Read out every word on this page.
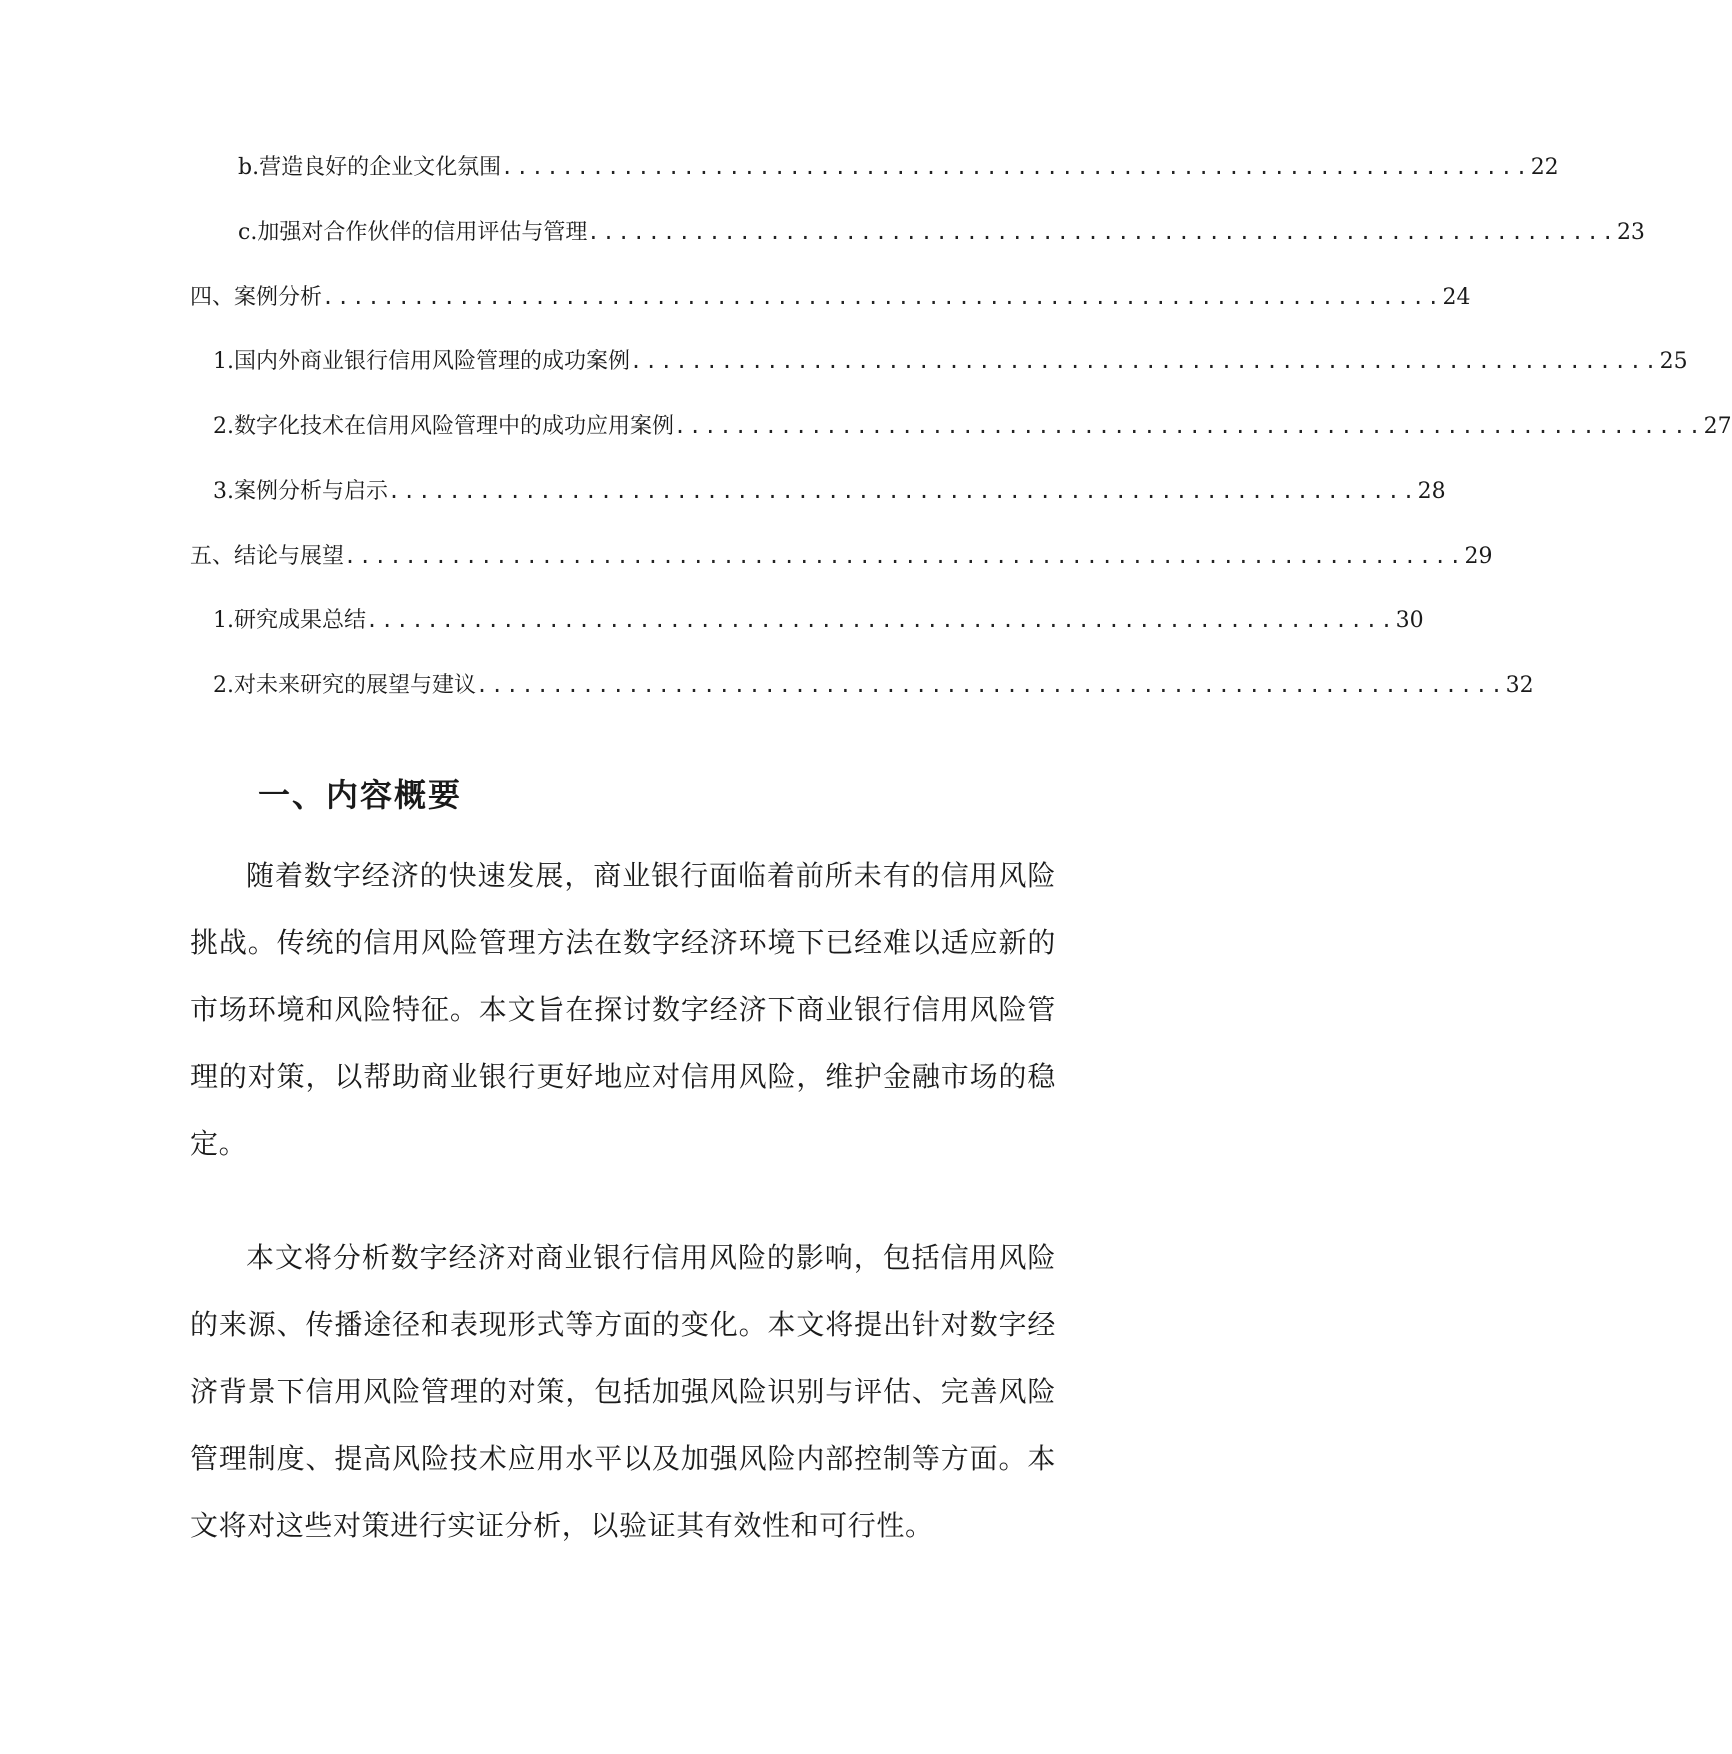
b. 营造良好的企业文化氛围 .................................................................... 22
c. 加强对合作伙伴的信用评估与管理 .................................................................... 23
四、案例分析 .......................................................................... 24
1. 国内外商业银行信用风险管理的成功案例 .................................................................... 25
2. 数字化技术在信用风险管理中的成功应用案例 .................................................................... 27
3. 案例分析与启示 .................................................................... 28
五、结论与展望 .......................................................................... 29
1. 研究成果总结 .................................................................... 30
2. 对未来研究的展望与建议 .................................................................... 32
一、内容概要

随着数字经济的快速发展，商业银行面临着前所未有的信用风险挑战。传统的信用风险管理方法在数字经济环境下已经难以适应新的市场环境和风险特征。本文旨在探讨数字经济下商业银行信用风险管理的对策，以帮助商业银行更好地应对信用风险，维护金融市场的稳定。

本文将分析数字经济对商业银行信用风险的影响，包括信用风险的来源、传播途径和表现形式等方面的变化。本文将提出针对数字经济背景下信用风险管理的对策，包括加强风险识别与评估、完善风险管理制度、提高风险技术应用水平以及加强风险内部控制等方面。本文将对这些对策进行实证分析，以验证其有效性和可行性。
